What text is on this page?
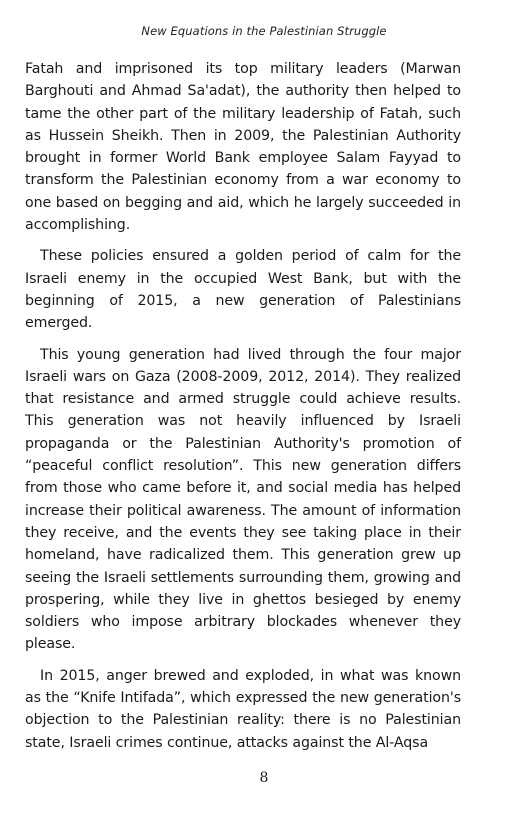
New Equations in the Palestinian Struggle

Fatah and imprisoned its top military leaders (Marwan Barghouti and Ahmad Sa'adat), the authority then helped to tame the other part of the military leadership of Fatah, such as Hussein Sheikh. Then in 2009, the Palestinian Authority brought in former World Bank employee Salam Fayyad to transform the Palestinian economy from a war economy to one based on begging and aid, which he largely succeeded in accomplishing.

These policies ensured a golden period of calm for the Israeli enemy in the occupied West Bank, but with the beginning of 2015, a new generation of Palestinians emerged.

This young generation had lived through the four major Israeli wars on Gaza (2008-2009, 2012, 2014). They realized that resistance and armed struggle could achieve results. This generation was not heavily influenced by Israeli propaganda or the Palestinian Authority's promotion of “peaceful conflict resolution”. This new generation differs from those who came before it, and social media has helped increase their political awareness. The amount of information they receive, and the events they see taking place in their homeland, have radicalized them. This generation grew up seeing the Israeli settlements surrounding them, growing and prospering, while they live in ghettos besieged by enemy soldiers who impose arbitrary blockades whenever they please.

In 2015, anger brewed and exploded, in what was known as the “Knife Intifada”, which expressed the new generation's objection to the Palestinian reality: there is no Palestinian state, Israeli crimes continue, attacks against the Al-Aqsa

8
